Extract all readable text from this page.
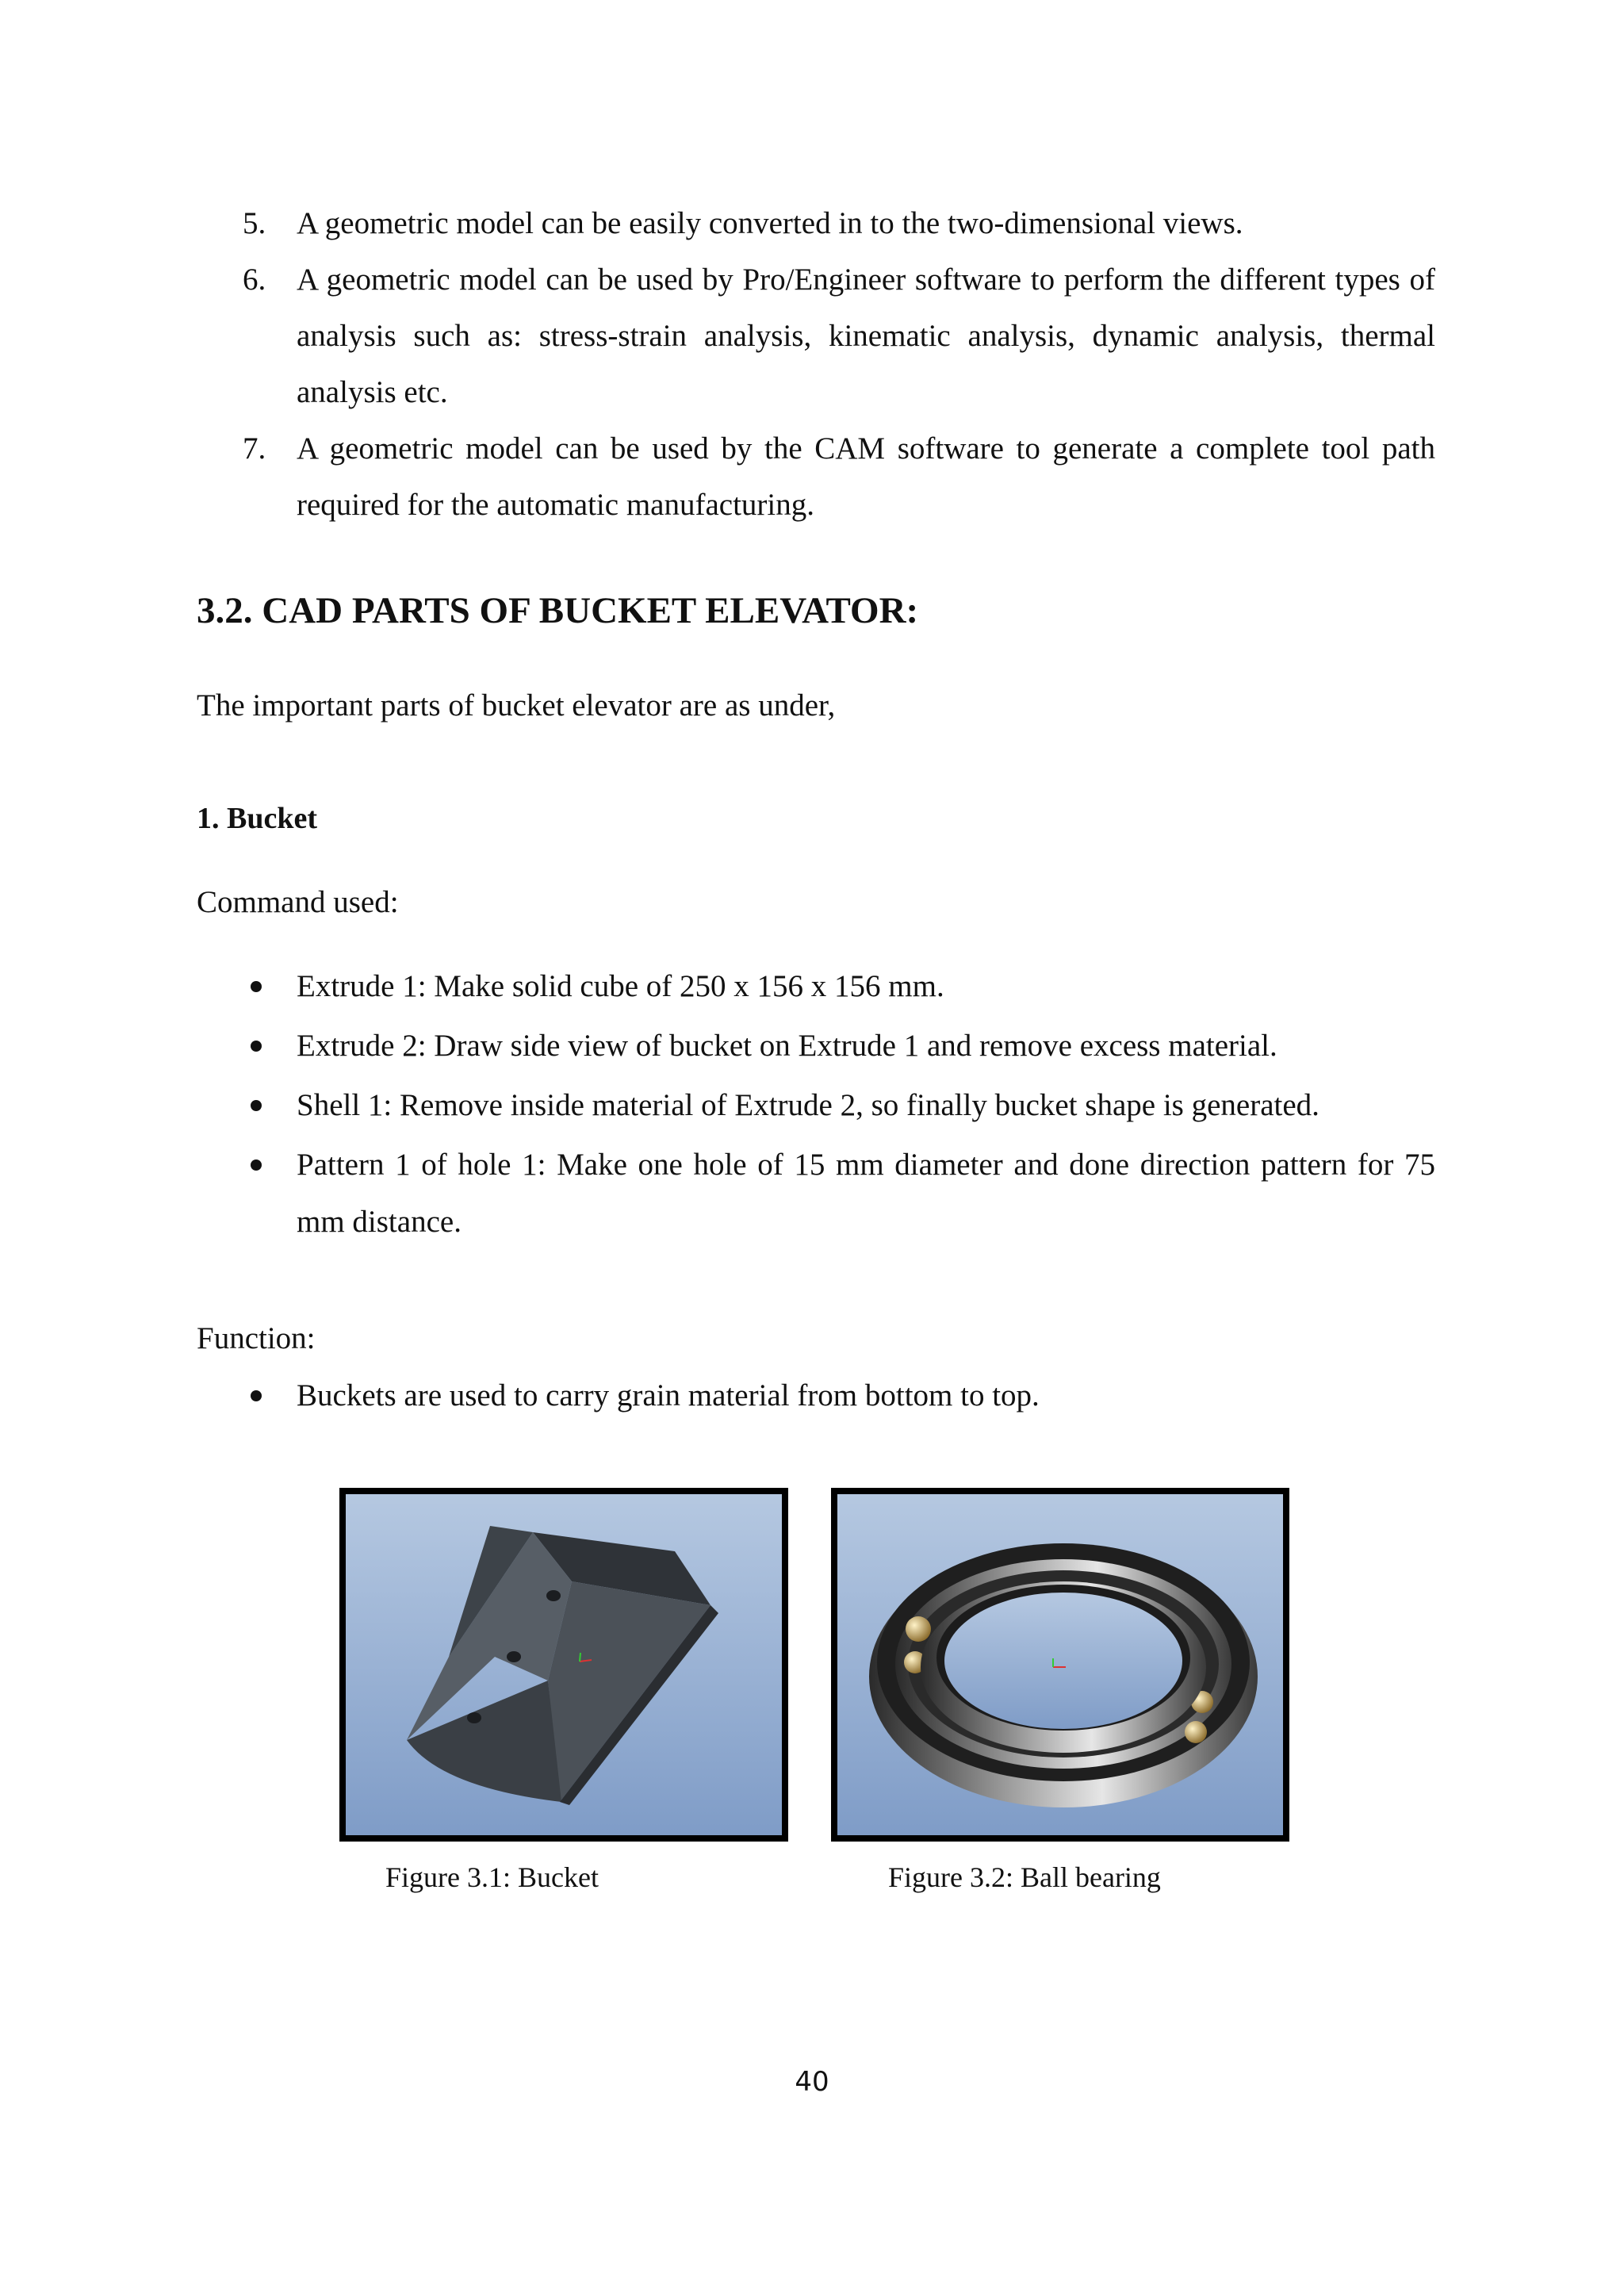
5. A geometric model can be easily converted in to the two-dimensional views.
6. A geometric model can be used by Pro/Engineer software to perform the different types of analysis such as: stress-strain analysis, kinematic analysis, dynamic analysis, thermal analysis etc.
7. A geometric model can be used by the CAM software to generate a complete tool path required for the automatic manufacturing.
3.2. CAD PARTS OF BUCKET ELEVATOR:

The important parts of bucket elevator are as under,

1. Bucket

Command used:

Extrude 1: Make solid cube of 250 x 156 x 156 mm.
Extrude 2: Draw side view of bucket on Extrude 1 and remove excess material.
Shell 1: Remove inside material of Extrude 2, so finally bucket shape is generated.
Pattern 1 of hole 1: Make one hole of 15 mm diameter and done direction pattern for 75 mm distance.

Function:

Buckets are used to carry grain material from bottom to top.

Figure 3.1: Bucket	Figure 3.2: Ball bearing

40
